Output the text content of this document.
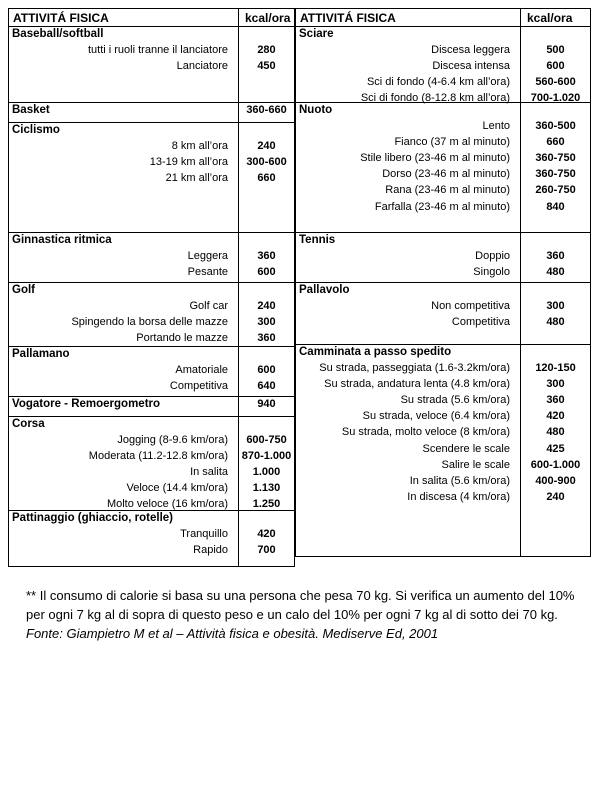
ATTIVITÁ FISICA	kcal/ora
Baseball/softball
tutti i ruoli tranne il lanciatore	280
Lanciatore	450
Basket	360-660
Ciclismo
8 km all’ora	240
13-19 km all’ora	300-600
21 km all’ora	660
Ginnastica ritmica
Leggera	360
Pesante	600
Golf
Golf car	240
Spingendo la borsa delle mazze	300
Portando le mazze	360
Pallamano
Amatoriale	600
Competitiva	640
Vogatore - Remoergometro	940
Corsa
Jogging (8-9.6 km/ora)	600-750
Moderata (11.2-12.8 km/ora)	870-1.000
In salita	1.000
Veloce (14.4 km/ora)	1.130
Molto veloce (16 km/ora)	1.250
Pattinaggio (ghiaccio, rotelle)
Tranquillo	420
Rapido	700
ATTIVITÁ FISICA	kcal/ora
Sciare
Discesa leggera	500
Discesa intensa	600
Sci di fondo (4-6.4 km all’ora)	560-600
Sci di fondo (8-12.8 km all’ora)	700-1.020
Nuoto
Lento	360-500
Fianco (37 m al minuto)	660
Stile libero (23-46 m al minuto)	360-750
Dorso (23-46 m al minuto)	360-750
Rana (23-46 m al minuto)	260-750
Farfalla (23-46 m al minuto)	840
Tennis
Doppio	360
Singolo	480
Pallavolo
Non competitiva	300
Competitiva	480
Camminata a passo spedito
Su strada, passeggiata (1.6-3.2km/ora)	120-150
Su strada, andatura lenta (4.8 km/ora)	300
Su strada (5.6 km/ora)	360
Su strada, veloce (6.4 km/ora)	420
Su strada, molto veloce (8 km/ora)	480
Scendere le scale	425
Salire le scale	600-1.000
In salita (5.6 km/ora)	400-900
In discesa (4 km/ora)	240
** Il consumo di calorie si basa su una persona che pesa 70 kg. Si verifica un aumento del 10% per ogni 7 kg al di sopra di questo peso e un calo del 10% per ogni 7 kg al di sotto dei 70 kg.
Fonte: Giampietro M et al – Attività fisica e obesità. Mediserve Ed, 2001
